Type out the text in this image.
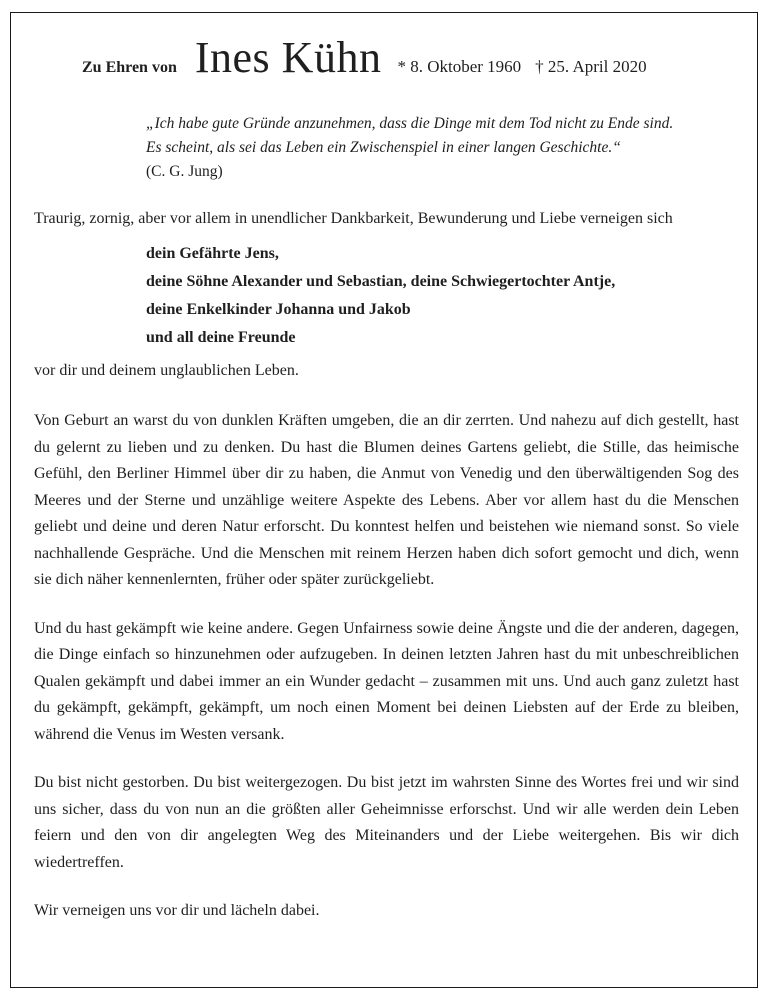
Zu Ehren von Ines Kühn * 8. Oktober 1960 † 25. April 2020
„Ich habe gute Gründe anzunehmen, dass die Dinge mit dem Tod nicht zu Ende sind.
Es scheint, als sei das Leben ein Zwischenspiel in einer langen Geschichte.“
(C. G. Jung)
Traurig, zornig, aber vor allem in unendlicher Dankbarkeit, Bewunderung und Liebe verneigen sich
dein Gefährte Jens,
deine Söhne Alexander und Sebastian, deine Schwiegertochter Antje,
deine Enkelkinder Johanna und Jakob
und all deine Freunde
vor dir und deinem unglaublichen Leben.

Von Geburt an warst du von dunklen Kräften umgeben, die an dir zerrten. Und nahezu auf dich gestellt, hast du gelernt zu lieben und zu denken. Du hast die Blumen deines Gartens geliebt, die Stille, das heimische Gefühl, den Berliner Himmel über dir zu haben, die Anmut von Venedig und den überwältigenden Sog des Meeres und der Sterne und unzählige weitere Aspekte des Lebens. Aber vor allem hast du die Menschen geliebt und deine und deren Natur erforscht. Du konntest helfen und beistehen wie niemand sonst. So viele nachhallende Gespräche. Und die Menschen mit reinem Herzen haben dich sofort gemocht und dich, wenn sie dich näher kennenlernten, früher oder später zurückgeliebt.

Und du hast gekämpft wie keine andere. Gegen Unfairness sowie deine Ängste und die der anderen, dagegen, die Dinge einfach so hinzunehmen oder aufzugeben. In deinen letzten Jahren hast du mit unbeschreiblichen Qualen gekämpft und dabei immer an ein Wunder gedacht – zusammen mit uns. Und auch ganz zuletzt hast du gekämpft, gekämpft, gekämpft, um noch einen Moment bei deinen Liebsten auf der Erde zu bleiben, während die Venus im Westen versank.

Du bist nicht gestorben. Du bist weitergezogen. Du bist jetzt im wahrsten Sinne des Wortes frei und wir sind uns sicher, dass du von nun an die größten aller Geheimnisse erforschst. Und wir alle werden dein Leben feiern und den von dir angelegten Weg des Miteinanders und der Liebe weitergehen. Bis wir dich wiedertreffen.

Wir verneigen uns vor dir und lächeln dabei.
